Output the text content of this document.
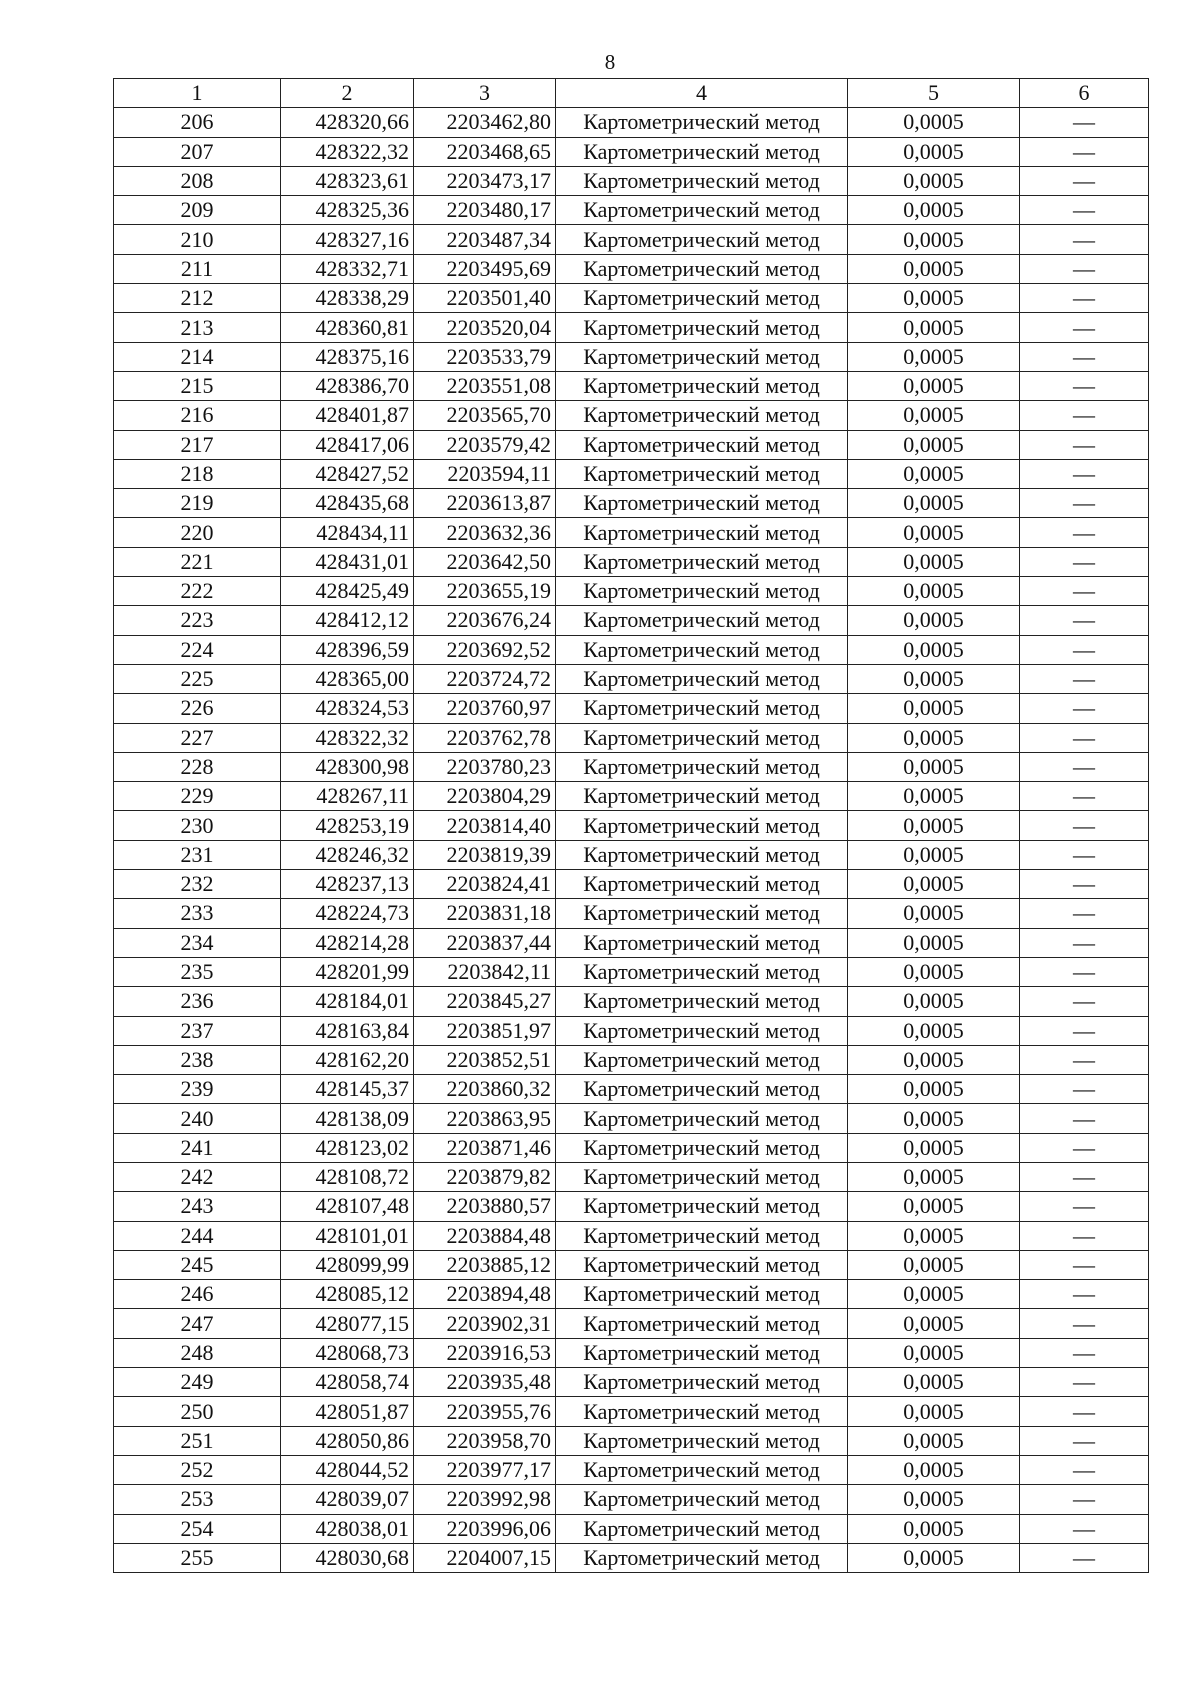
8
1	2	3	4	5	6
206	428320,66	2203462,80	Картометрический метод	0,0005	—
207	428322,32	2203468,65	Картометрический метод	0,0005	—
208	428323,61	2203473,17	Картометрический метод	0,0005	—
209	428325,36	2203480,17	Картометрический метод	0,0005	—
210	428327,16	2203487,34	Картометрический метод	0,0005	—
211	428332,71	2203495,69	Картометрический метод	0,0005	—
212	428338,29	2203501,40	Картометрический метод	0,0005	—
213	428360,81	2203520,04	Картометрический метод	0,0005	—
214	428375,16	2203533,79	Картометрический метод	0,0005	—
215	428386,70	2203551,08	Картометрический метод	0,0005	—
216	428401,87	2203565,70	Картометрический метод	0,0005	—
217	428417,06	2203579,42	Картометрический метод	0,0005	—
218	428427,52	2203594,11	Картометрический метод	0,0005	—
219	428435,68	2203613,87	Картометрический метод	0,0005	—
220	428434,11	2203632,36	Картометрический метод	0,0005	—
221	428431,01	2203642,50	Картометрический метод	0,0005	—
222	428425,49	2203655,19	Картометрический метод	0,0005	—
223	428412,12	2203676,24	Картометрический метод	0,0005	—
224	428396,59	2203692,52	Картометрический метод	0,0005	—
225	428365,00	2203724,72	Картометрический метод	0,0005	—
226	428324,53	2203760,97	Картометрический метод	0,0005	—
227	428322,32	2203762,78	Картометрический метод	0,0005	—
228	428300,98	2203780,23	Картометрический метод	0,0005	—
229	428267,11	2203804,29	Картометрический метод	0,0005	—
230	428253,19	2203814,40	Картометрический метод	0,0005	—
231	428246,32	2203819,39	Картометрический метод	0,0005	—
232	428237,13	2203824,41	Картометрический метод	0,0005	—
233	428224,73	2203831,18	Картометрический метод	0,0005	—
234	428214,28	2203837,44	Картометрический метод	0,0005	—
235	428201,99	2203842,11	Картометрический метод	0,0005	—
236	428184,01	2203845,27	Картометрический метод	0,0005	—
237	428163,84	2203851,97	Картометрический метод	0,0005	—
238	428162,20	2203852,51	Картометрический метод	0,0005	—
239	428145,37	2203860,32	Картометрический метод	0,0005	—
240	428138,09	2203863,95	Картометрический метод	0,0005	—
241	428123,02	2203871,46	Картометрический метод	0,0005	—
242	428108,72	2203879,82	Картометрический метод	0,0005	—
243	428107,48	2203880,57	Картометрический метод	0,0005	—
244	428101,01	2203884,48	Картометрический метод	0,0005	—
245	428099,99	2203885,12	Картометрический метод	0,0005	—
246	428085,12	2203894,48	Картометрический метод	0,0005	—
247	428077,15	2203902,31	Картометрический метод	0,0005	—
248	428068,73	2203916,53	Картометрический метод	0,0005	—
249	428058,74	2203935,48	Картометрический метод	0,0005	—
250	428051,87	2203955,76	Картометрический метод	0,0005	—
251	428050,86	2203958,70	Картометрический метод	0,0005	—
252	428044,52	2203977,17	Картометрический метод	0,0005	—
253	428039,07	2203992,98	Картометрический метод	0,0005	—
254	428038,01	2203996,06	Картометрический метод	0,0005	—
255	428030,68	2204007,15	Картометрический метод	0,0005	—
